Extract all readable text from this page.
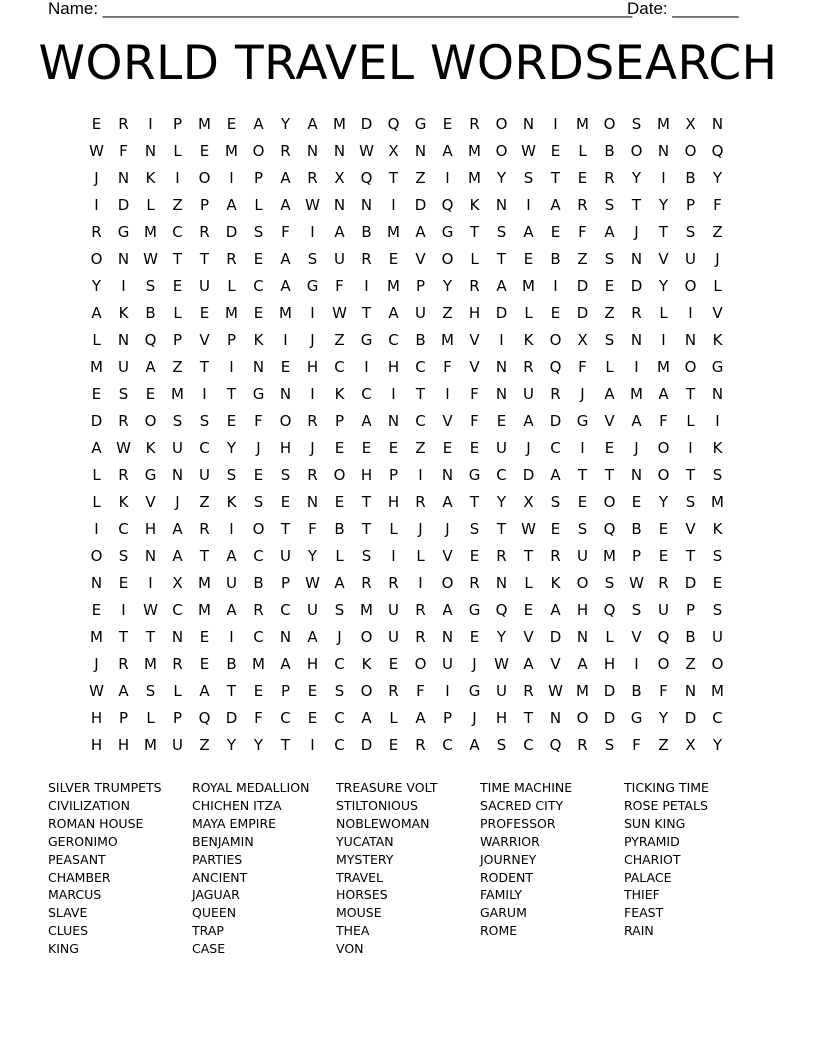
Name: ________________________________________________________
Date: _______
WORLD TRAVEL WORDSEARCH
E	R	I	P	M	E	A	Y	A	M D	Q	G	E	R	O	N	I	M O	S	M	X	N
W	F	N	L	E	M O	R	N	N W X	N	A	M O W E	L	B	O	N	O	Q
J	N	K	I	O	I	P	A	R	X	Q	T	Z	I	M	Y	S	T	E	R	Y	I	B	Y
I	D	L	Z	P	A	L	A W N	N	I	D	Q	K	N	I	A	R	S	T	Y	P	F
R	G M	C	R	D	S	F	I	A	B	M	A	G	T	S	A	E	F	A	J	T	S	Z
O	N W T	T	R	E	A	S	U	R	E	V	O	L	T	E	B	Z	S	N	V	U	J
Y	I	S	E	U	L	C	A	G	F	I	M	P	Y	R	A	M	I	D	E	D	Y	O	L
A	K	B	L	E	M	E	M	I	W T	A	U	Z	H	D	L	E	D	Z	R	L	I	V
L	N	Q	P	V	P	K	I	J	Z	G	C	B	M	V	I	K	O	X	S	N	I	N	K
M	U	A	Z	T	I	N	E	H	C	I	H	C	F	V	N	R	Q	F	L	I	M O	G
E	S	E	M	I	T	G	N	I	K	C	I	T	I	F	N	U	R	J	A	M	A	T	N
D	R	O	S	S	E	F	O	R	P	A	N	C	V	F	E	A	D	G	V	A	F	L	I
A W K	U	C	Y	J	H	J	E	E	E	Z	E	E	U	J	C	I	E	J	O	I	K
L	R	G	N	U	S	E	S	R	O	H	P	I	N	G	C	D	A	T	T	N	O	T	S
L	K	V	J	Z	K	S	E	N	E	T	H	R	A	T	Y	X	S	E	O	E	Y	S	M
I	C	H	A	R	I	O	T	F	B	T	L	J	J	S	T	W E	S	Q	B	E	V	K
O	S	N	A	T	A	C	U	Y	L	S	I	L	V	E	R	T	R	U	M	P	E	T	S
N	E	I	X	M	U	B	P	W A	R	R	I	O	R	N	L	K	O	S W R	D	E
E	I	W C	M	A	R	C	U	S	M	U	R	A	G	Q	E	A	H	Q	S	U	P	S
M	T	T	N	E	I	C	N	A	J	O	U	R	N	E	Y	V	D	N	L	V	Q	B	U
J	R	M	R	E	B	M	A	H	C	K	E	O	U	J	W A	V	A	H	I	O	Z	O
W A	S	L	A	T	E	P	E	S	O	R	F	I	G	U	R W M D	B	F	N M
H	P	L	P	Q	D	F	C	E	C	A	L	A	P	J	H	T	N	O	D	G	Y	D	C
H	H M	U	Z	Y	Y	T	I	C	D	E	R	C	A	S	C	Q	R	S	F	Z	X	Y
SILVER TRUMPETS
CIVILIZATION
ROMAN HOUSE
GERONIMO
PEASANT
CHAMBER
MARCUS
SLAVE
CLUES
KING
ROYAL MEDALLION
CHICHEN ITZA
MAYA EMPIRE
BENJAMIN
PARTIES
ANCIENT
JAGUAR
QUEEN
TRAP
CASE
TREASURE VOLT
STILTONIOUS
NOBLEWOMAN
YUCATAN
MYSTERY
TRAVEL
HORSES
MOUSE
THEA
VON
TIME MACHINE
SACRED CITY
PROFESSOR
WARRIOR
JOURNEY
RODENT
FAMILY
GARUM
ROME
TICKING TIME
ROSE PETALS
SUN KING
PYRAMID
CHARIOT
PALACE
THIEF
FEAST
RAIN
